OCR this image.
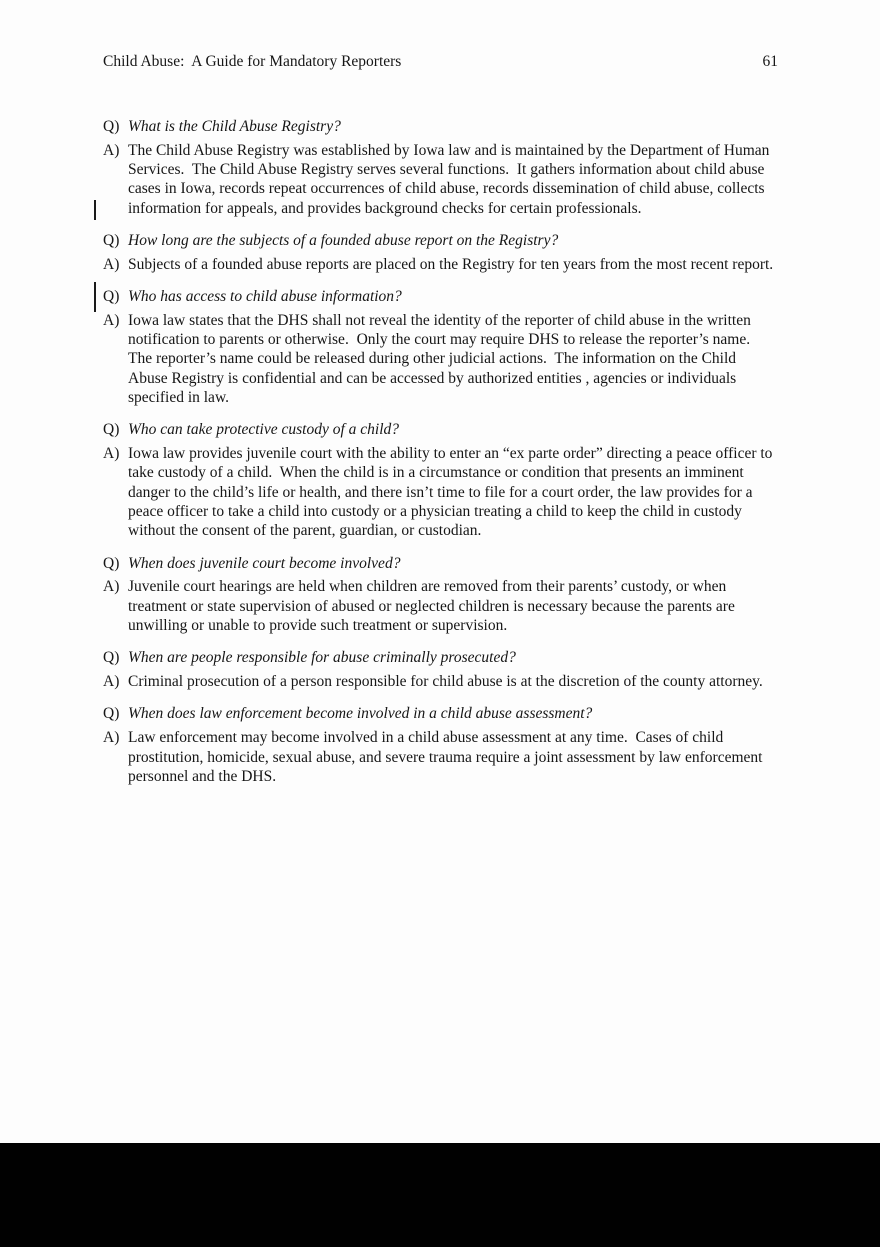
Child Abuse:  A Guide for Mandatory Reporters	61
Q) What is the Child Abuse Registry?
A) The Child Abuse Registry was established by Iowa law and is maintained by the Department of Human Services.  The Child Abuse Registry serves several functions.  It gathers information about child abuse cases in Iowa, records repeat occurrences of child abuse, records dissemination of child abuse, collects information for appeals, and provides background checks for certain professionals.
Q) How long are the subjects of a founded abuse report on the Registry?
A) Subjects of a founded abuse reports are placed on the Registry for ten years from the most recent report.
Q) Who has access to child abuse information?
A) Iowa law states that the DHS shall not reveal the identity of the reporter of child abuse in the written notification to parents or otherwise.  Only the court may require DHS to release the reporter’s name.  The reporter’s name could be released during other judicial actions.  The information on the Child Abuse Registry is confidential and can be accessed by authorized entities , agencies or individuals specified in law.
Q) Who can take protective custody of a child?
A) Iowa law provides juvenile court with the ability to enter an “ex parte order” directing a peace officer to take custody of a child.  When the child is in a circumstance or condition that presents an imminent danger to the child’s life or health, and there isn’t time to file for a court order, the law provides for a peace officer to take a child into custody or a physician treating a child to keep the child in custody without the consent of the parent, guardian, or custodian.
Q) When does juvenile court become involved?
A) Juvenile court hearings are held when children are removed from their parents’ custody, or when treatment or state supervision of abused or neglected children is necessary because the parents are unwilling or unable to provide such treatment or supervision.
Q) When are people responsible for abuse criminally prosecuted?
A) Criminal prosecution of a person responsible for child abuse is at the discretion of the county attorney.
Q) When does law enforcement become involved in a child abuse assessment?
A) Law enforcement may become involved in a child abuse assessment at any time.  Cases of child prostitution, homicide, sexual abuse, and severe trauma require a joint assessment by law enforcement personnel and the DHS.
